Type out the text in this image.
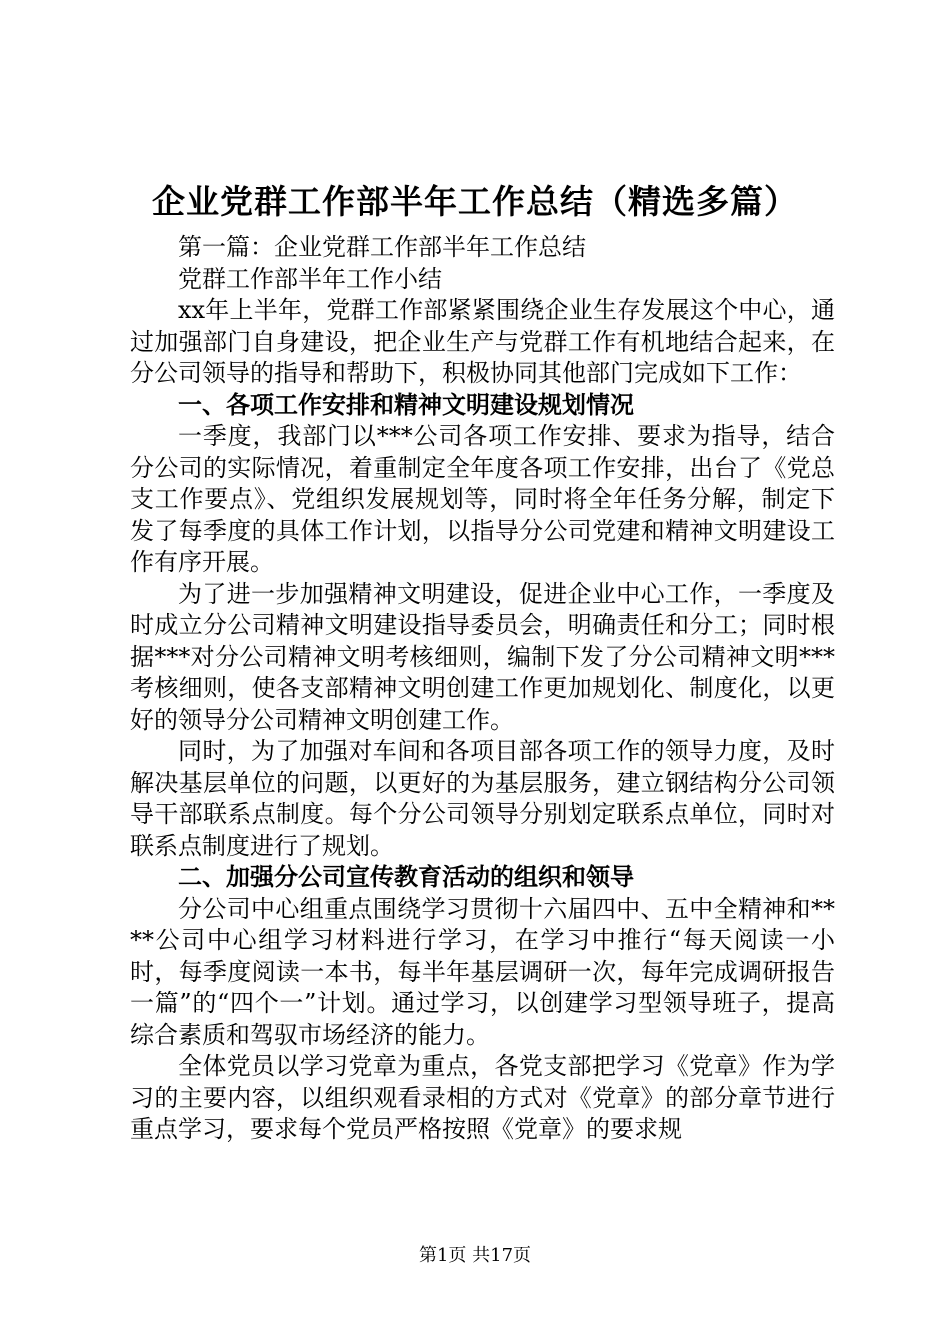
企业党群工作部半年工作总结（精选多篇）

第一篇：企业党群工作部半年工作总结

党群工作部半年工作小结

xx年上半年，党群工作部紧紧围绕企业生存发展这个中心，通过加强部门自身建设，把企业生产与党群工作有机地结合起来，在分公司领导的指导和帮助下，积极协同其他部门完成如下工作：

一、各项工作安排和精神文明建设规划情况

一季度，我部门以***公司各项工作安排、要求为指导，结合分公司的实际情况，着重制定全年度各项工作安排，出台了《党总支工作要点》、党组织发展规划等，同时将全年任务分解，制定下发了每季度的具体工作计划，以指导分公司党建和精神文明建设工作有序开展。

为了进一步加强精神文明建设，促进企业中心工作，一季度及时成立分公司精神文明建设指导委员会，明确责任和分工；同时根据***对分公司精神文明考核细则，编制下发了分公司精神文明***考核细则，使各支部精神文明创建工作更加规划化、制度化，以更好的领导分公司精神文明创建工作。

同时，为了加强对车间和各项目部各项工作的领导力度，及时解决基层单位的问题，以更好的为基层服务，建立钢结构分公司领导干部联系点制度。每个分公司领导分别划定联系点单位，同时对联系点制度进行了规划。

二、加强分公司宣传教育活动的组织和领导

分公司中心组重点围绕学习贯彻十六届四中、五中全精神和****公司中心组学习材料进行学习，在学习中推行“每天阅读一小时，每季度阅读一本书，每半年基层调研一次，每年完成调研报告一篇”的“四个一”计划。通过学习，以创建学习型领导班子，提高综合素质和驾驭市场经济的能力。

全体党员以学习党章为重点，各党支部把学习《党章》作为学习的主要内容，以组织观看录相的方式对《党章》的部分章节进行重点学习，要求每个党员严格按照《党章》的要求规

第1页 共17页
